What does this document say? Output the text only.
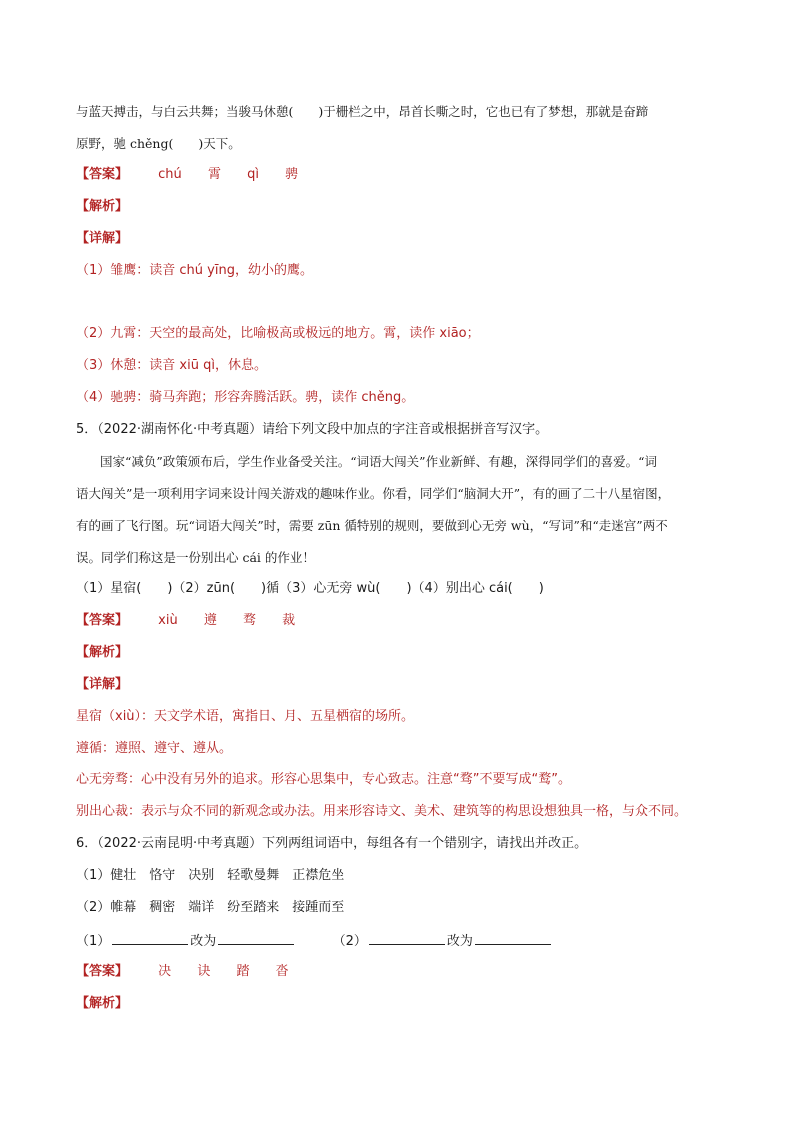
与蓝天搏击，与白云共舞；当骏马休憩(　　)于栅栏之中，昂首长嘶之时，它也已有了梦想，那就是奋蹄
原野，驰 chěng(　　)天下。
【答案】 chú 霄 qì 骋
【解析】
【详解】
（1）雏鹰：读音 chú yīng，幼小的鹰。
（2）九霄：天空的最高处，比喻极高或极远的地方。霄，读作 xiāo；
（3）休憩：读音 xiū qì，休息。
（4）驰骋：骑马奔跑；形容奔腾活跃。骋，读作 chěng。
5．（2022·湖南怀化·中考真题）请给下列文段中加点的字注音或根据拼音写汉字。
国家“减负”政策颁布后，学生作业备受关注。“词语大闯关”作业新鲜、有趣，深得同学们的喜爱。“词
语大闯关”是一项利用字词来设计闯关游戏的趣味作业。你看，同学们“脑洞大开”，有的画了二十八星宿图，
有的画了飞行图。玩“词语大闯关”时，需要 zūn 循特别的规则，要做到心无旁 wù，“写词”和“走迷宫”两不
误。同学们称这是一份别出心 cái 的作业！
（1）星宿(　　)（2）zūn(　　)循（3）心无旁 wù(　　)（4）别出心 cái(　　)
【答案】 xiù 遵 骛 裁
【解析】
【详解】
星宿（xiù）：天文学术语，寓指日、月、五星栖宿的场所。
遵循：遵照、遵守、遵从。
心无旁骛：心中没有另外的追求。形容心思集中，专心致志。注意“骛”不要写成“鹜”。
别出心裁：表示与众不同的新观念或办法。用来形容诗文、美术、建筑等的构思设想独具一格，与众不同。
6．（2022·云南昆明·中考真题）下列两组词语中，每组各有一个错别字，请找出并改正。
（1）健壮　恪守　决别　轻歌曼舞　正襟危坐
（2）帷幕　稠密　端详　纷至踏来　接踵而至
（1）	改为	（2）	改为
【答案】 决 诀 踏 沓
【解析】
